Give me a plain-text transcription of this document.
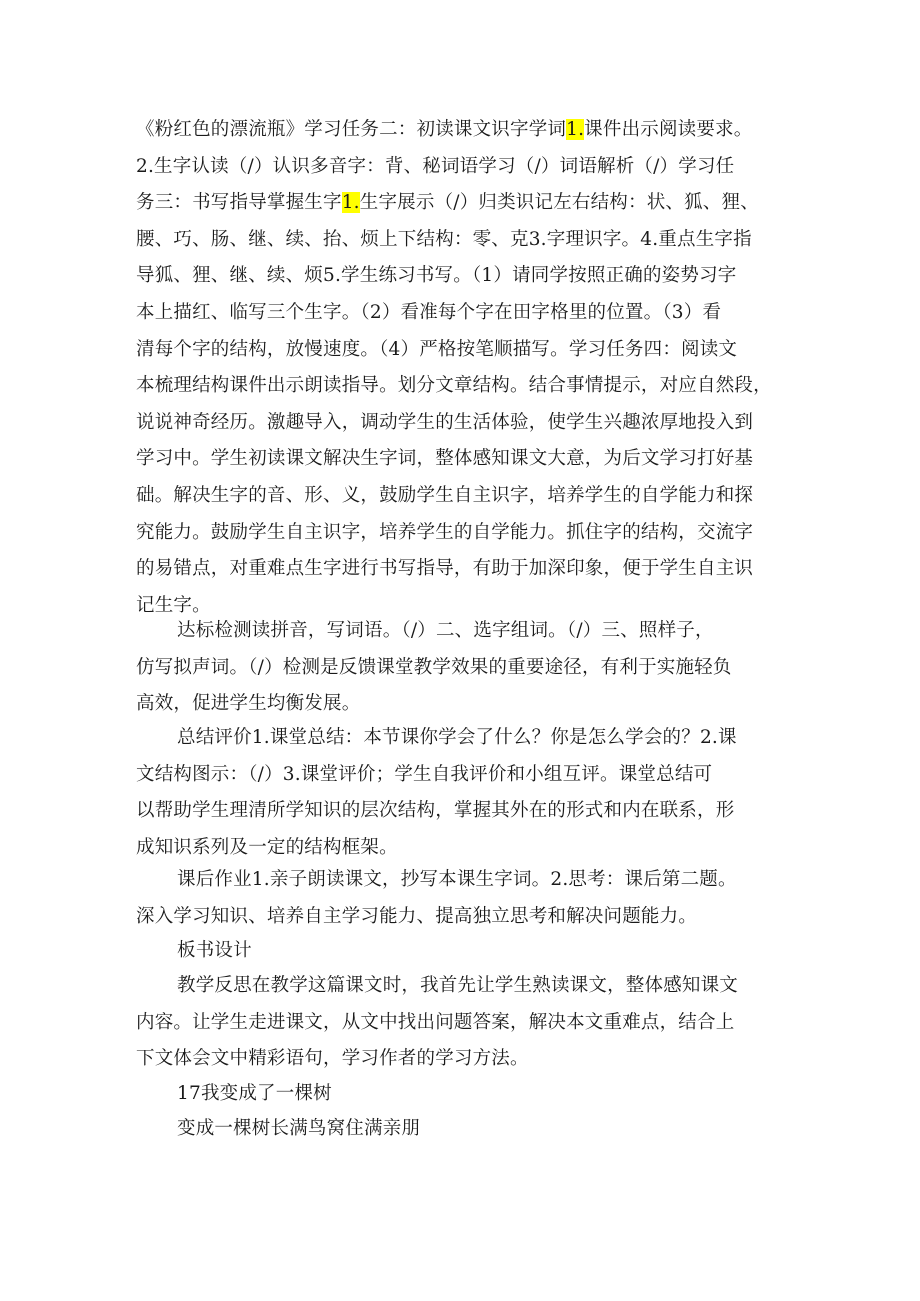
《粉红色的漂流瓶》学习任务二：初读课文识字学词1.课件出示阅读要求。
2.生字认读（/）认识多音字：背、秘词语学习（/）词语解析（/）学习任
务三：书写指导掌握生字1.生字展示（/）归类识记左右结构：状、狐、狸、
腰、巧、肠、继、续、抬、烦上下结构：零、克3.字理识字。4.重点生字指
导狐、狸、继、续、烦5.学生练习书写。（1）请同学按照正确的姿势习字
本上描红、临写三个生字。（2）看准每个字在田字格里的位置。（3）看
清每个字的结构，放慢速度。（4）严格按笔顺描写。学习任务四：阅读文
本梳理结构课件出示朗读指导。划分文章结构。结合事情提示，对应自然段，
说说神奇经历。激趣导入，调动学生的生活体验，使学生兴趣浓厚地投入到
学习中。学生初读课文解决生字词，整体感知课文大意，为后文学习打好基
础。解决生字的音、形、义，鼓励学生自主识字，培养学生的自学能力和探
究能力。鼓励学生自主识字，培养学生的自学能力。抓住字的结构，交流字
的易错点，对重难点生字进行书写指导，有助于加深印象，便于学生自主识
记生字。
达标检测读拼音，写词语。（/）二、选字组词。（/）三、照样子，
仿写拟声词。（/）检测是反馈课堂教学效果的重要途径，有利于实施轻负
高效，促进学生均衡发展。
总结评价1.课堂总结：本节课你学会了什么？你是怎么学会的？2.课
文结构图示：（/）3.课堂评价；学生自我评价和小组互评。课堂总结可
以帮助学生理清所学知识的层次结构，掌握其外在的形式和内在联系，形
成知识系列及一定的结构框架。
课后作业1.亲子朗读课文，抄写本课生字词。2.思考：课后第二题。
深入学习知识、培养自主学习能力、提高独立思考和解决问题能力。
板书设计
教学反思在教学这篇课文时，我首先让学生熟读课文，整体感知课文
内容。让学生走进课文，从文中找出问题答案，解决本文重难点，结合上
下文体会文中精彩语句，学习作者的学习方法。
17我变成了一棵树
变成一棵树长满鸟窝住满亲朋
